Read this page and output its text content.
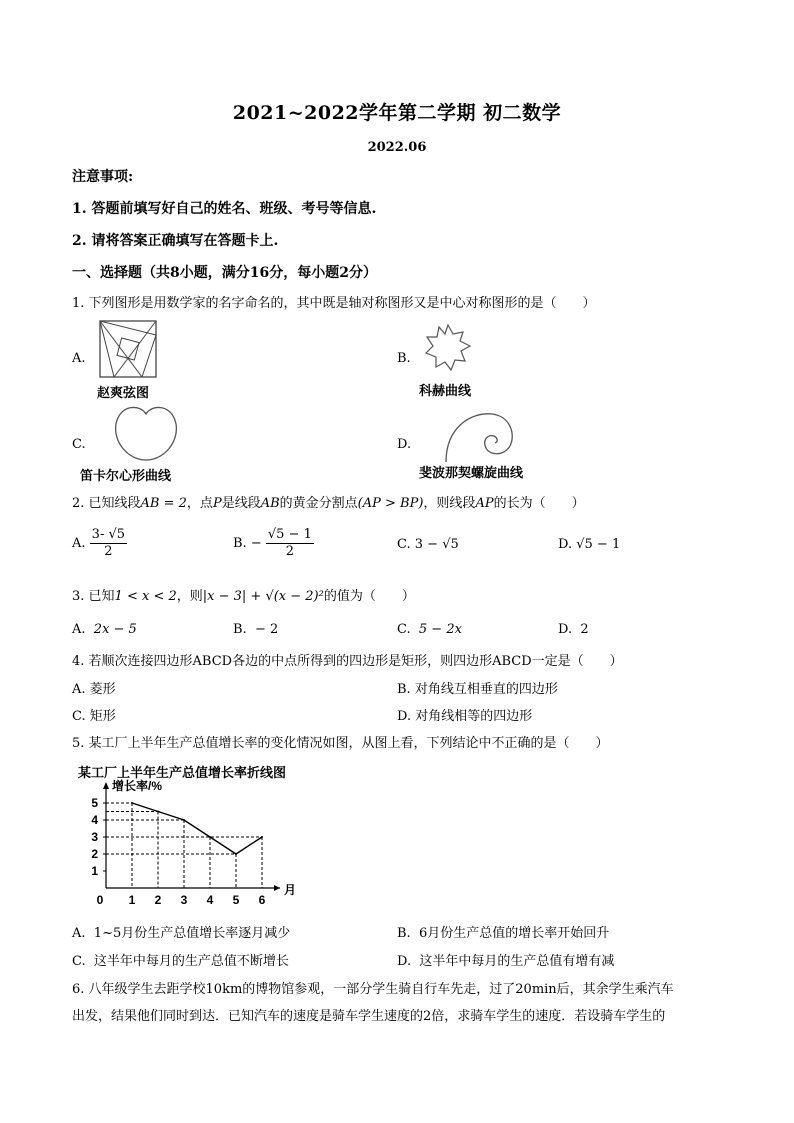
2021~2022学年第二学期 初二数学
2022.06
注意事项:
1. 答题前填写好自己的姓名、班级、考号等信息.
2. 请将答案正确填写在答题卡上.
一、选择题（共8小题，满分16分，每小题2分）
1. 下列图形是用数学家的名字命名的，其中既是轴对称图形又是中心对称图形的是（　　）
A.
赵爽弦图
B.
科赫曲线
C.
笛卡尔心形曲线
D.
斐波那契螺旋曲线
2. 已知线段AB = 2，点P是线段AB的黄金分割点(AP > BP)，则线段AP的长为（　　）
A. $\frac{3- √5}{2}$	B. − $\frac{√5 - 1}{2}$	C. 3 − √5	D. √5 − 1
3. 已知1 < x < 2，则|x − 3| + √(x − 2)²的值为（　　）
A. 2x − 5	B. − 2	C. 5 − 2x	D. 2
4. 若顺次连接四边形ABCD各边的中点所得到的四边形是矩形，则四边形ABCD一定是（　　）
A. 菱形	B. 对角线互相垂直的四边形
C. 矩形	D. 对角线相等的四边形
5. 某工厂上半年生产总值增长率的变化情况如图，从图上看，下列结论中不正确的是（　　）
某工厂上半年生产总值增长率折线图
1
2
3
4
5
0 1 2 3 4 5 6
增长率/%
月
A. 1~5月份生产总值增长率逐月减少	B. 6月份生产总值的增长率开始回升
C. 这半年中每月的生产总值不断增长	D. 这半年中每月的生产总值有增有减
6. 八年级学生去距学校10km的博物馆参观，一部分学生骑自行车先走，过了20min后，其余学生乘汽车
出发，结果他们同时到达．已知汽车的速度是骑车学生速度的2倍，求骑车学生的速度．若设骑车学生的
